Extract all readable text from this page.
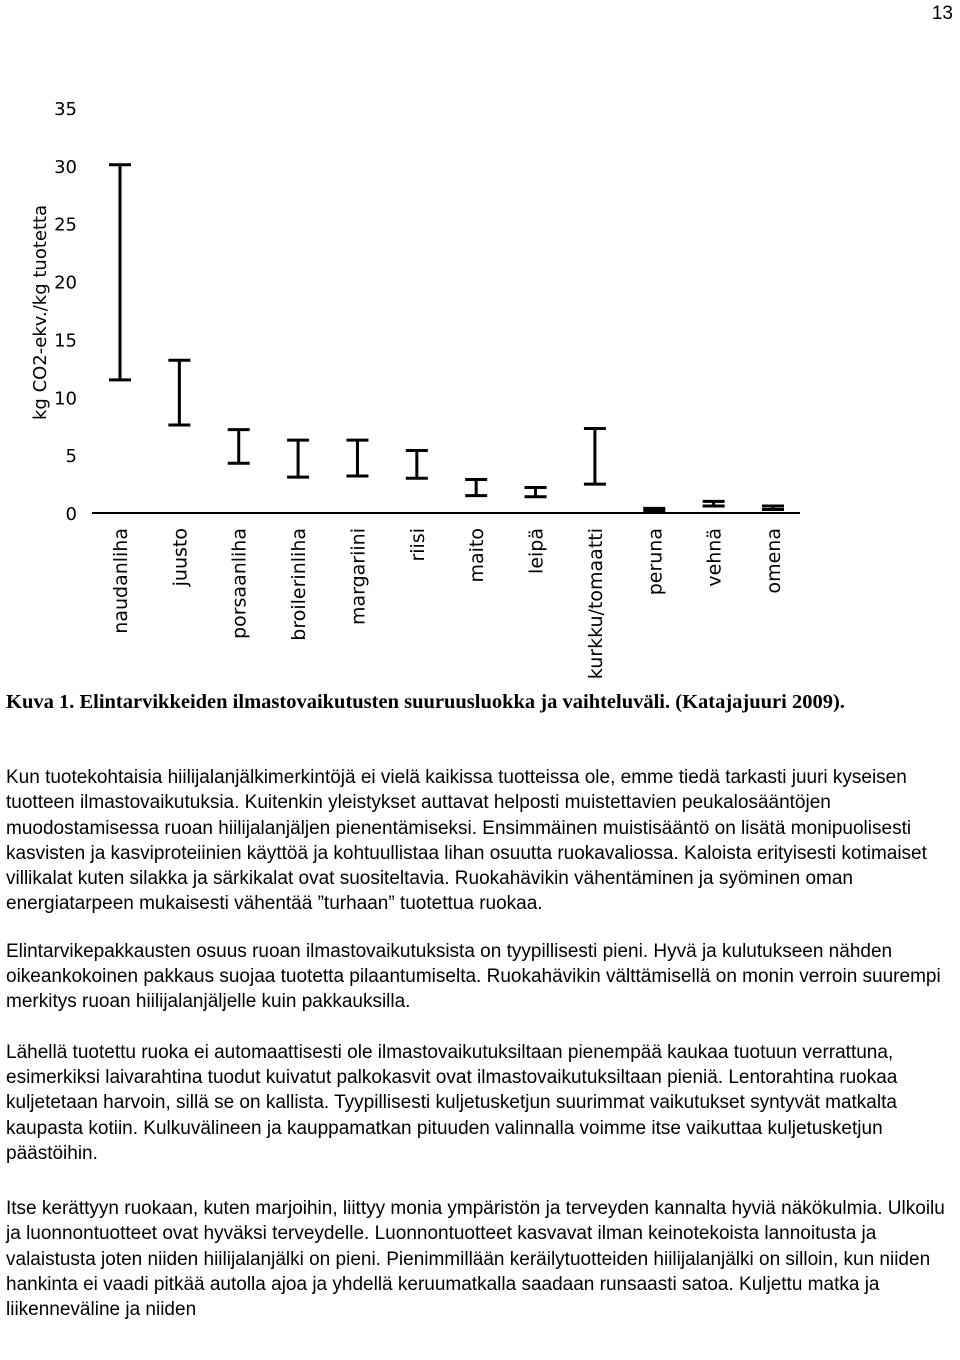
13
kg CO2-ekv./kg tuotetta
0
5
10
15
20
25
30
35
naudanliha juusto porsaanliha broilerinliha margariini riisi maito leipä kurkku/tomaatti peruna vehnä omena
Kuva 1. Elintarvikkeiden ilmastovaikutusten suuruusluokka ja vaihteluväli. (Katajajuuri 2009).

Kun tuotekohtaisia hiilijalanjälkimerkintöjä ei vielä kaikissa tuotteissa ole, emme tiedä tarkasti juuri kyseisen tuotteen ilmastovaikutuksia. Kuitenkin yleistykset auttavat helposti muistettavien peukalosääntöjen muodostamisessa ruoan hiilijalanjäljen pienentämiseksi. Ensimmäinen muistisääntö on lisätä monipuolisesti kasvisten ja kasviproteiinien käyttöä ja kohtuullistaa lihan osuutta ruokavaliossa. Kaloista erityisesti kotimaiset villikalat kuten silakka ja särkikalat ovat suositeltavia. Ruokahävikin vähentäminen ja syöminen oman energiatarpeen mukaisesti vähentää ”turhaan” tuotettua ruokaa.

Elintarvikepakkausten osuus ruoan ilmastovaikutuksista on tyypillisesti pieni. Hyvä ja kulutukseen nähden oikeankokoinen pakkaus suojaa tuotetta pilaantumiselta. Ruokahävikin välttämisellä on monin verroin suurempi merkitys ruoan hiilijalanjäljelle kuin pakkauksilla.

Lähellä tuotettu ruoka ei automaattisesti ole ilmastovaikutuksiltaan pienempää kaukaa tuotuun verrattuna, esimerkiksi laivarahtina tuodut kuivatut palkokasvit ovat ilmastovaikutuksiltaan pieniä. Lentorahtina ruokaa kuljetetaan harvoin, sillä se on kallista. Tyypillisesti kuljetusketjun suurimmat vaikutukset syntyvät matkalta kaupasta kotiin. Kulkuvälineen ja kauppamatkan pituuden valinnalla voimme itse vaikuttaa kuljetusketjun päästöihin.

Itse kerättyyn ruokaan, kuten marjoihin, liittyy monia ympäristön ja terveyden kannalta hyviä näkökulmia. Ulkoilu ja luonnontuotteet ovat hyväksi terveydelle. Luonnontuotteet kasvavat ilman keinotekoista lannoitusta ja valaistusta joten niiden hiilijalanjälki on pieni. Pienimmillään keräilytuotteiden hiilijalanjälki on silloin, kun niiden hankinta ei vaadi pitkää autolla ajoa ja yhdellä keruumatkalla saadaan runsaasti satoa. Kuljettu matka ja liikenneväline ja niiden
